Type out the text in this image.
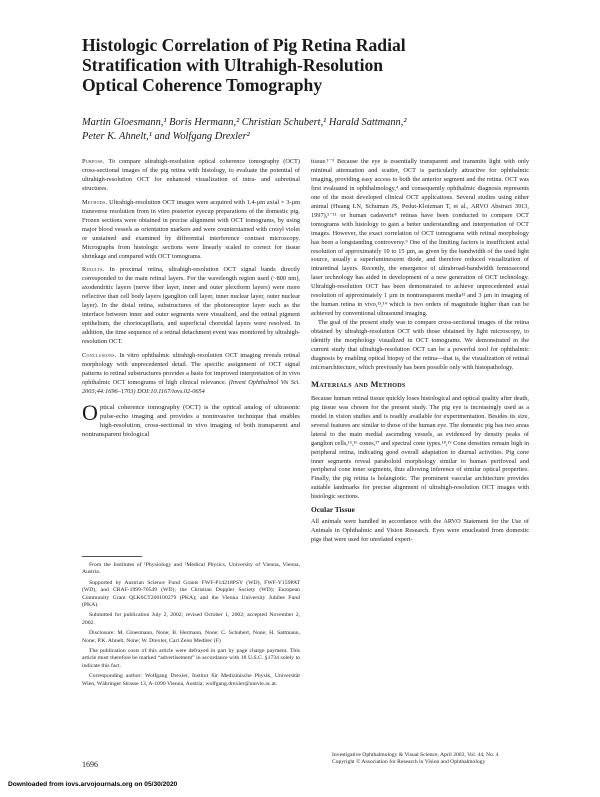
Histologic Correlation of Pig Retina Radial
Stratification with Ultrahigh-Resolution
Optical Coherence Tomography
Martin Gloesmann,¹ Boris Hermann,² Christian Schubert,¹ Harald Sattmann,²
Peter K. Ahnelt,¹ and Wolfgang Drexler²

Purpose. To compare ultrahigh-resolution optical coherence tomography (OCT) cross-sectional images of the pig retina with histology, to evaluate the potential of ultrahigh-resolution OCT for enhanced visualization of intra- and subretinal structures.

Methods. Ultrahigh-resolution OCT images were acquired with 1.4-µm axial × 3-µm transverse resolution from in vitro posterior eyecup preparations of the domestic pig. Frozen sections were obtained in precise alignment with OCT tomograms, by using major blood vessels as orientation markers and were counterstained with cresyl violet or unstained and examined by differential interference contrast microscopy. Micrographs from histologic sections were linearly scaled to correct for tissue shrinkage and compared with OCT tomograms.

Results. In proximal retina, ultrahigh-resolution OCT signal bands directly corresponded to the main retinal layers. For the wavelength region used (~800 nm), axodendritic layers (nerve fiber layer, inner and outer plexiform layers) were more reflective than cell body layers (ganglion cell layer, inner nuclear layer, outer nuclear layer). In the distal retina, substructures of the photoreceptor layer such as the interface between inner and outer segments were visualized, and the retinal pigment epithelium, the choriocapillaris, and superficial choroidal layers were resolved. In addition, the time sequence of a retinal detachment event was monitored by ultrahigh-resolution OCT.

Conclusions. In vitro ophthalmic ultrahigh-resolution OCT imaging reveals retinal morphology with unprecedented detail. The specific assignment of OCT signal patterns to retinal substructures provides a basis for improved interpretation of in vivo ophthalmic OCT tomograms of high clinical relevance. (Invest Ophthalmol Vis Sci. 2003;44:1696–1703) DOI:10.1167/iovs.02-0654

Optical coherence tomography (OCT) is the optical analog of ultrasonic pulse-echo imaging and provides a noninvasive technique that enables high-resolution, cross-sectional in vivo imaging of both transparent and nontransparent biological

From the Institutes of ¹Physiology and ²Medical Physics, University of Vienna, Vienna, Austria.

Supported by Austrian Science Fund Grants FWF-P14218PSY (WD), FWF-Y159PAT (WD), and CRAF-1999-70549 (WD); the Christian Doppler Society (WD); European Community Grant QLK6CT200100279 (PKA); and the Vienna University Jubilee Fund (PKA).

Submitted for publication July 2, 2002; revised October 1, 2002; accepted November 2, 2002.

Disclosure: M. Gloesmann, None; B. Hermann, None; C. Schubert, None; H. Sattmann, None; P.K. Ahnelt, None; W. Drexler, Carl Zeiss Meditec (F)

The publication costs of this article were defrayed in part by page charge payment. This article must therefore be marked “advertisement” in accordance with 18 U.S.C. §1734 solely to indicate this fact.

Corresponding author: Wolfgang Drexler, Institut für Medizinische Physik, Universität Wien, Währinger Strasse 13, A-1090 Vienna, Austria; wolfgang.drexler@univie.ac.at.

tissue.¹⁻³ Because the eye is essentially transparent and transmits light with only minimal attenuation and scatter, OCT is particularly attractive for ophthalmic imaging, providing easy access to both the anterior segment and the retina. OCT was first evaluated in ophthalmology,⁴ and consequently ophthalmic diagnosis represents one of the most developed clinical OCT applications. Several studies using either animal (Huang LN, Schuman JS, Pedut-Kloizman T, et al., ARVO Abstract 3913, 1997),⁵⁻¹¹ or human cadaveric⁸ retinas have been conducted to compare OCT tomograms with histology to gain a better understanding and interpretation of OCT images. However, the exact correlation of OCT tomograms with retinal morphology has been a longstanding controversy.⁹ One of the limiting factors is insufficient axial resolution of approximately 10 to 15 µm, as given by the bandwidth of the used light source, usually a superluminescent diode, and therefore reduced visualization of intraretinal layers. Recently, the emergence of ultrabroad-bandwidth femtosecond laser technology has aided in development of a new generation of OCT technology. Ultrahigh-resolution OCT has been demonstrated to achieve unprecedented axial resolution of approximately 1 µm in nontransparent media¹² and 3 µm in imaging of the human retina in vivo,¹³,¹⁴ which is two orders of magnitude higher than can be achieved by conventional ultrasound imaging.

The goal of the present study was to compare cross-sectional images of the retina obtained by ultrahigh-resolution OCT with those obtained by light microscopy, to identify the morphology visualized in OCT tomograms. We demonstrated in the current study that ultrahigh-resolution OCT can be a powerful tool for ophthalmic diagnosis by enabling optical biopsy of the retina—that is, the visualization of retinal microarchitecture, which previously has been possible only with histopathology.

Materials and Methods

Because human retinal tissue quickly loses histological and optical quality after death, pig tissue was chosen for the present study. The pig eye is increasingly used as a model in vision studies and is readily available for experimentation. Besides its size, several features are similar to those of the human eye. The domestic pig has two areas lateral to the main medial ascending vessels, as evidenced by density peaks of ganglion cells,¹⁵,¹⁶ cones,¹⁷ and spectral cone types.¹⁸,¹⁹ Cone densities remain high in peripheral retina, indicating good overall adaptation to diurnal activities. Pig cone inner segments reveal paraboloid morphology similar to human perifoveal and peripheral cone inner segments, thus allowing inference of similar optical properties. Finally, the pig retina is holangiotic. The prominent vascular architecture provides suitable landmarks for precise alignment of ultrahigh-resolution OCT images with histologic sections.

Ocular Tissue

All animals were handled in accordance with the ARVO Statement for the Use of Animals in Ophthalmic and Vision Research. Eyes were enucleated from domestic pigs that were used for unrelated experi-

1696
Investigative Ophthalmology & Visual Science, April 2003, Vol. 44, No. 4
Copyright © Association for Research in Vision and Ophthalmology
Downloaded from iovs.arvojournals.org on 05/30/2020
